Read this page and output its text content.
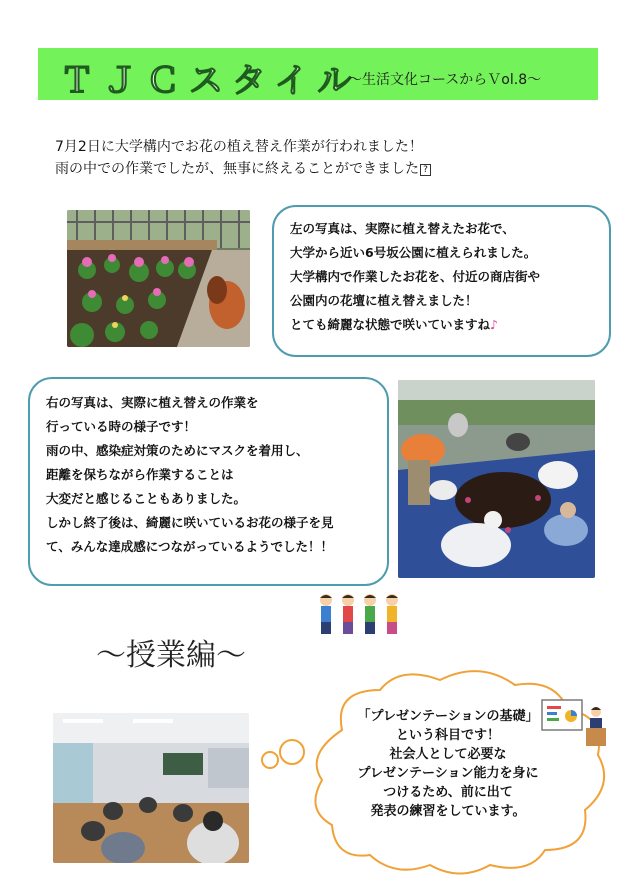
ＴＪＣスタイル
～生活文化コースからＶol.8～
7月2日に大学構内でお花の植え替え作業が行われました！
雨の中での作業でしたが、無事に終えることができました ?
左の写真は、実際に植え替えたお花で、
大学から近い6号坂公園に植えられました。
大学構内で作業したお花を、付近の商店街や
公園内の花壇に植え替えました！
とても綺麗な状態で咲いていますね♪
右の写真は、実際に植え替えの作業を
行っている時の様子です！
雨の中、感染症対策のためにマスクを着用し、
距離を保ちながら作業することは
大変だと感じることもありました。
しかし終了後は、綺麗に咲いているお花の様子を見
て、みんな達成感につながっているようでした！！
～授業編～
「プレゼンテーションの基礎」
という科目です！
社会人として必要な
プレゼンテーション能力を身に
つけるため、前に出て
発表の練習をしています。
